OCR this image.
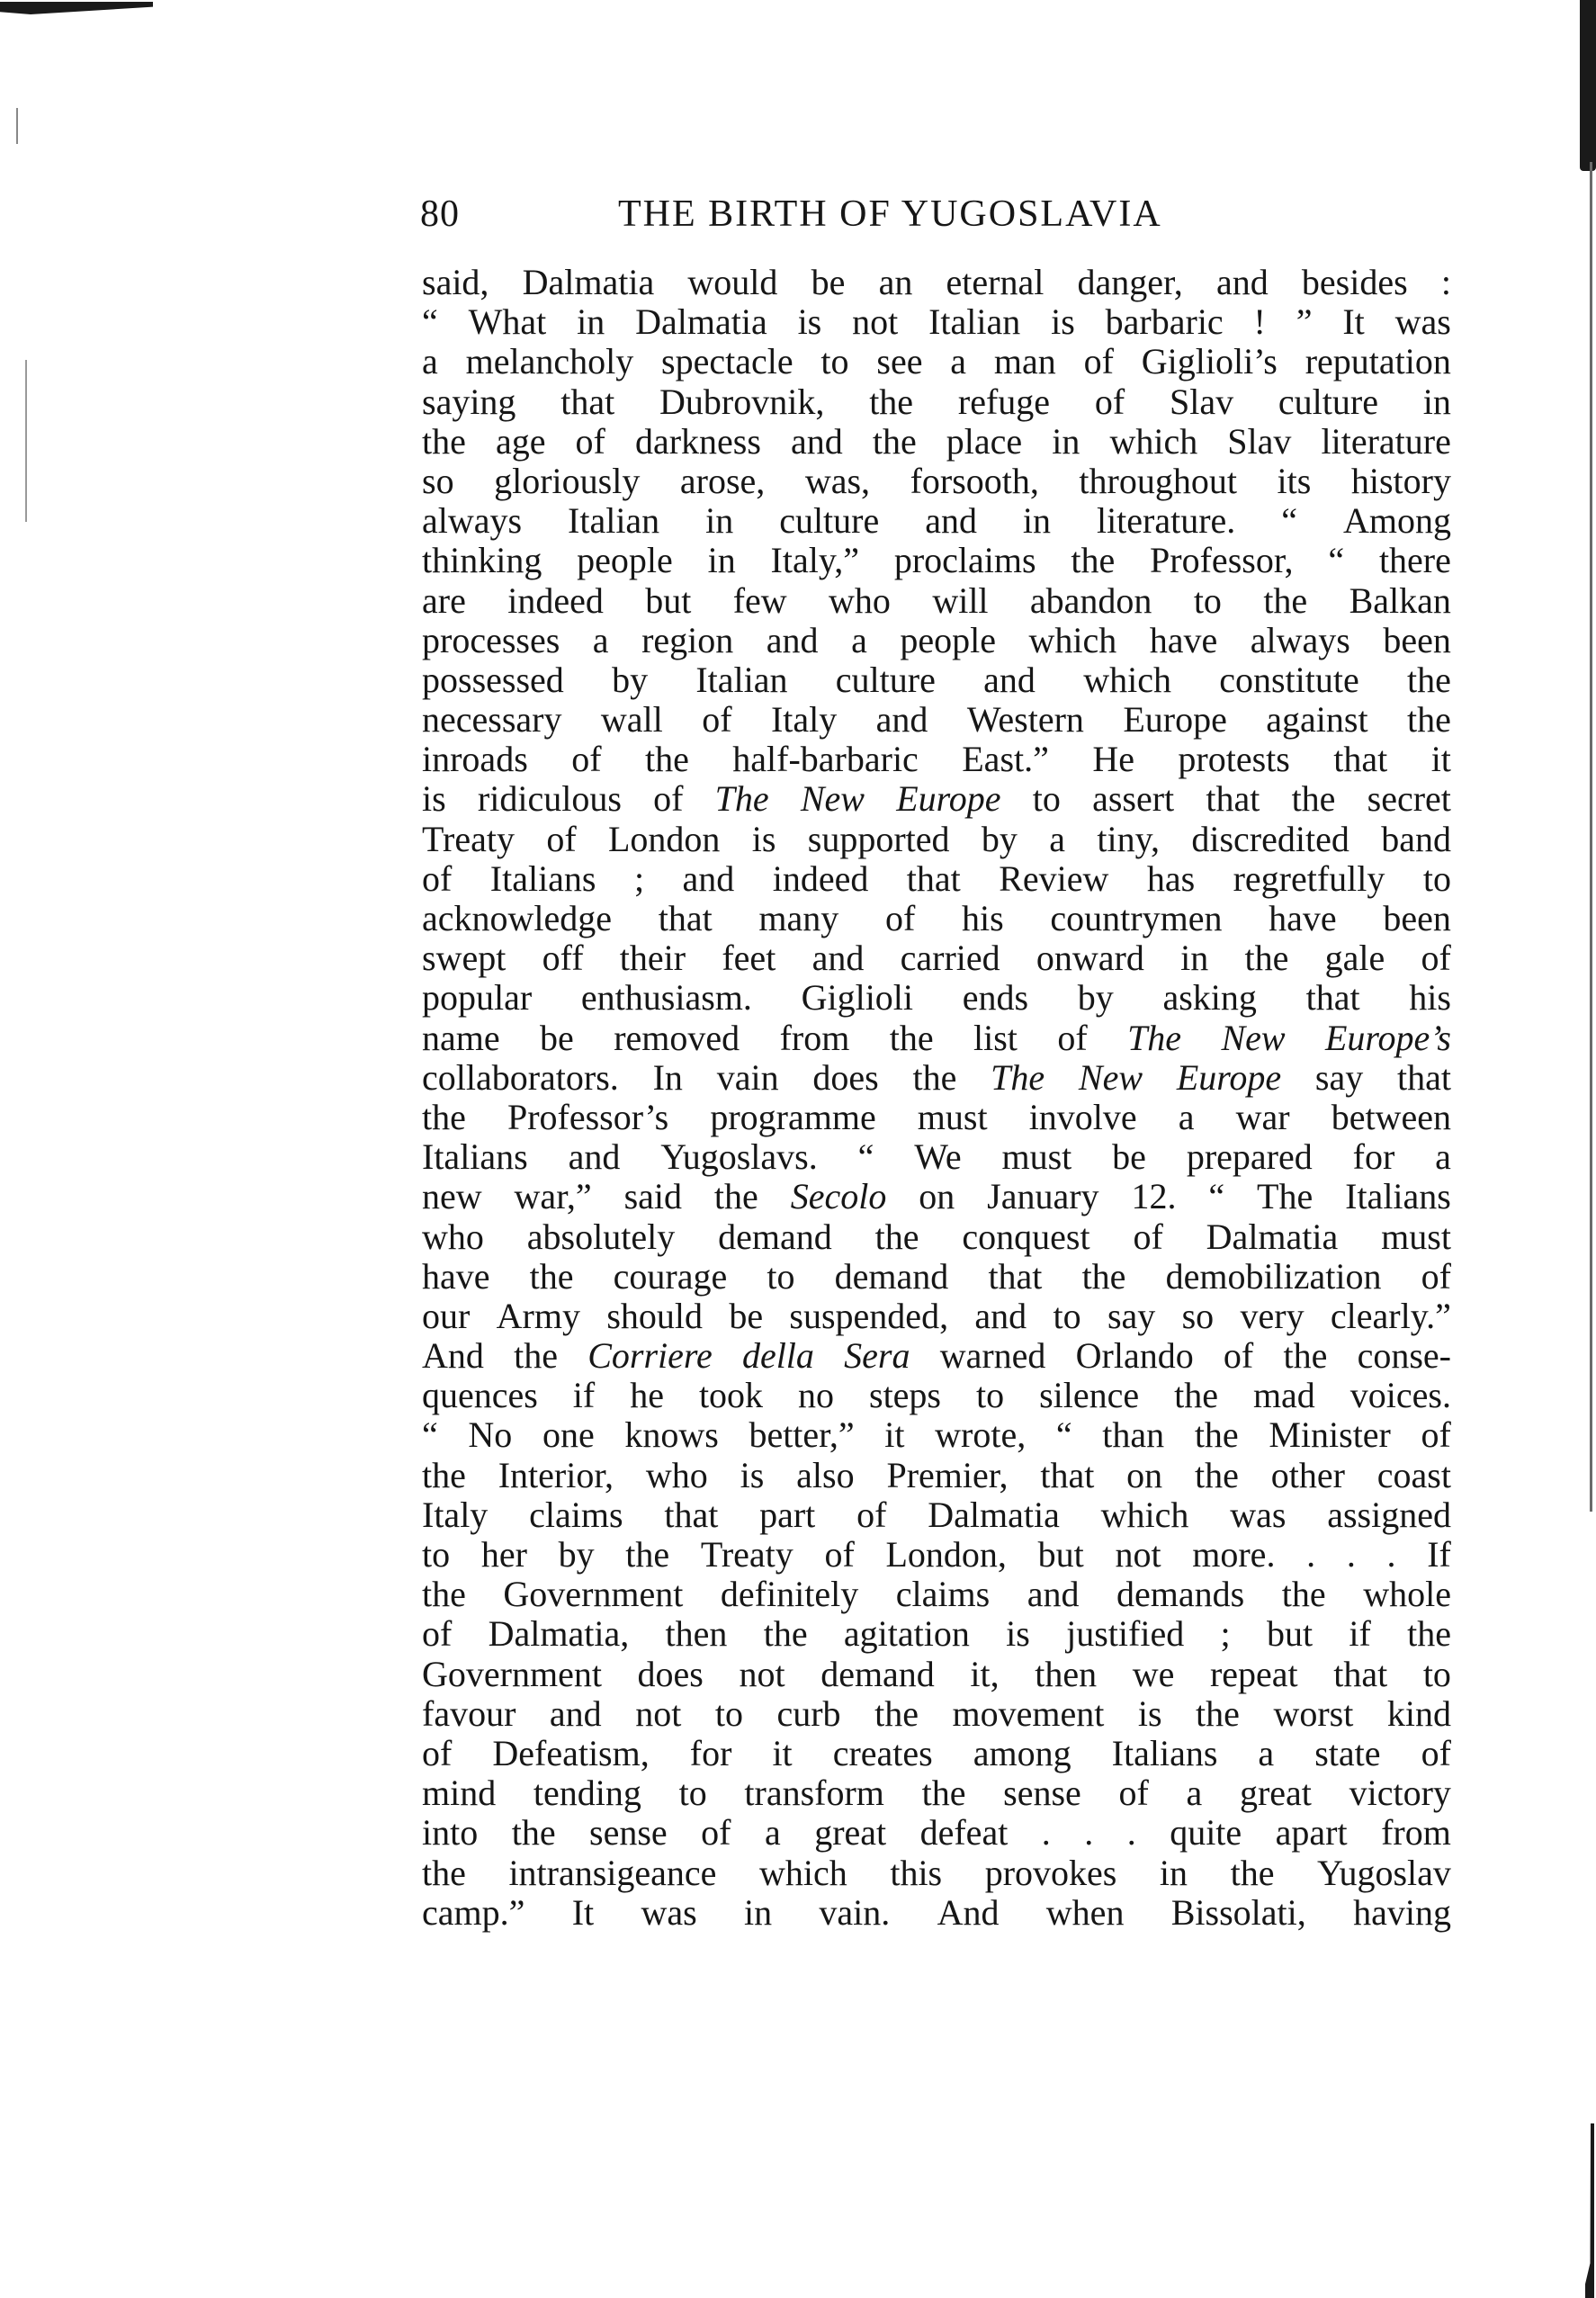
80	THE BIRTH OF YUGOSLAVIA
said, Dalmatia would be an eternal danger, and besides :
“ What in Dalmatia is not Italian is barbaric ! ” It was
a melancholy spectacle to see a man of Giglioli’s reputation
saying that Dubrovnik, the refuge of Slav culture in
the age of darkness and the place in which Slav literature
so gloriously arose, was, forsooth, throughout its history
always Italian in culture and in literature. “ Among
thinking people in Italy,” proclaims the Professor, “ there
are indeed but few who will abandon to the Balkan
processes a region and a people which have always been
possessed by Italian culture and which constitute the
necessary wall of Italy and Western Europe against the
inroads of the half-barbaric East.” He protests that it
is ridiculous of The New Europe to assert that the secret
Treaty of London is supported by a tiny, discredited band
of Italians ; and indeed that Review has regretfully to
acknowledge that many of his countrymen have been
swept off their feet and carried onward in the gale of
popular enthusiasm. Giglioli ends by asking that his
name be removed from the list of The New Europe’s
collaborators. In vain does the The New Europe say that
the Professor’s programme must involve a war between
Italians and Yugoslavs. “ We must be prepared for a
new war,” said the Secolo on January 12. “ The Italians
who absolutely demand the conquest of Dalmatia must
have the courage to demand that the demobilization of
our Army should be suspended, and to say so very clearly.”
And the Corriere della Sera warned Orlando of the conse-
quences if he took no steps to silence the mad voices.
“ No one knows better,” it wrote, “ than the Minister of
the Interior, who is also Premier, that on the other coast
Italy claims that part of Dalmatia which was assigned
to her by the Treaty of London, but not more. . . . If
the Government definitely claims and demands the whole
of Dalmatia, then the agitation is justified ; but if the
Government does not demand it, then we repeat that to
favour and not to curb the movement is the worst kind
of Defeatism, for it creates among Italians a state of
mind tending to transform the sense of a great victory
into the sense of a great defeat . . . quite apart from
the intransigeance which this provokes in the Yugoslav
camp.” It was in vain. And when Bissolati, having
